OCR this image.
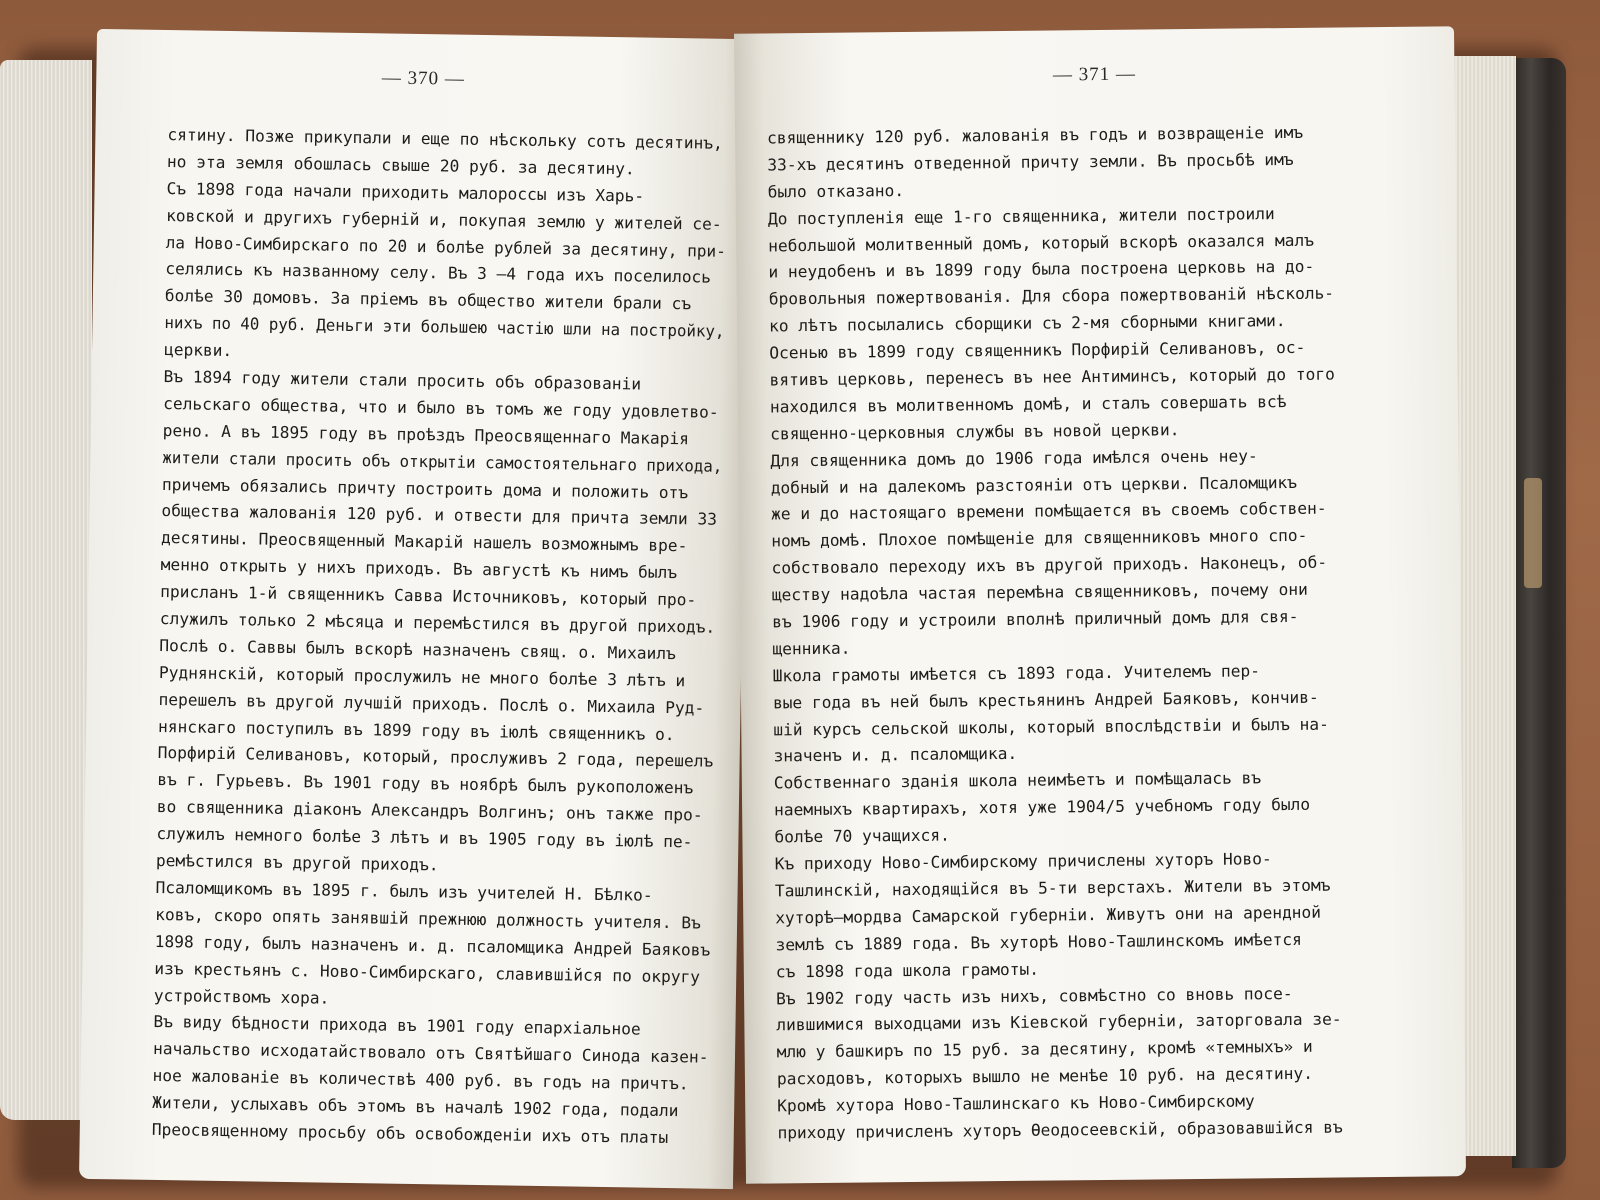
— 370 —
сятину. Позже прикупали и еще по нѣскольку сотъ десятинъ,
но эта земля обошлась свыше 20 руб. за десятину.
Съ 1898 года начали приходить малороссы изъ Харь-
ковской и другихъ губерній и, покупая землю у жителей се-
ла Ново-Симбирскаго по 20 и болѣе рублей за десятину, при-
селялись къ названному селу. Въ 3 —4 года ихъ поселилось
болѣе 30 домовъ. За пріемъ въ общество жители брали съ
нихъ по 40 руб. Деньги эти большею частію шли на постройку,
церкви.
Въ 1894 году жители стали просить объ образованіи
сельскаго общества, что и было въ томъ же году удовлетво-
рено. А въ 1895 году въ проѣздъ Преосвященнаго Макарія
жители стали просить объ открытіи самостоятельнаго прихода,
причемъ обязались причту построить дома и положить отъ
общества жалованія 120 руб. и отвести для причта земли 33
десятины. Преосвященный Макарій нашелъ возможнымъ вре-
менно открыть у нихъ приходъ. Въ августѣ къ нимъ былъ
присланъ 1-й священникъ Савва Источниковъ, который про-
служилъ только 2 мѣсяца и перемѣстился въ другой приходъ.
Послѣ о. Саввы былъ вскорѣ назначенъ свящ. о. Михаилъ
Руднянскій, который прослужилъ не много болѣе 3 лѣтъ и
перешелъ въ другой лучшій приходъ. Послѣ о. Михаила Руд-
нянскаго поступилъ въ 1899 году въ іюлѣ священникъ о.
Порфирій Селивановъ, который, прослуживъ 2 года, перешелъ
въ г. Гурьевъ. Въ 1901 году въ ноябрѣ былъ рукоположенъ
во священника діаконъ Александръ Волгинъ; онъ также про-
служилъ немного болѣе 3 лѣтъ и въ 1905 году въ іюлѣ пе-
ремѣстился въ другой приходъ.
Псаломщикомъ въ 1895 г. былъ изъ учителей Н. Бѣлко-
ковъ, скоро опять занявшій прежнюю должность учителя. Въ
1898 году, былъ назначенъ и. д. псаломщика Андрей Баяковъ
изъ крестьянъ с. Ново-Симбирскаго, славившійся по округу
устройствомъ хора.
Въ виду бѣдности прихода въ 1901 году епархіальное
начальство исходатайствовало отъ Святѣйшаго Синода казен-
ное жалованіе въ количествѣ 400 руб. въ годъ на причтъ.
Жители, услыхавъ объ этомъ въ началѣ 1902 года, подали
Преосвященному просьбу объ освобожденіи ихъ отъ платы
— 371 —
священнику 120 руб. жалованія въ годъ и возвращеніе имъ
33-хъ десятинъ отведенной причту земли. Въ просьбѣ имъ
было отказано.
До поступленія еще 1-го священника, жители построили
небольшой молитвенный домъ, который вскорѣ оказался малъ
и неудобенъ и въ 1899 году была построена церковь на до-
бровольныя пожертвованія. Для сбора пожертвованій нѣсколь-
ко лѣтъ посылались сборщики съ 2-мя сборными книгами.
Осенью въ 1899 году священникъ Порфирій Селивановъ, ос-
вятивъ церковь, перенесъ въ нее Антиминсъ, который до того
находился въ молитвенномъ домѣ, и сталъ совершать всѣ
священно-церковныя службы въ новой церкви.
Для священника домъ до 1906 года имѣлся очень неу-
добный и на далекомъ разстояніи отъ церкви. Псаломщикъ
же и до настоящаго времени помѣщается въ своемъ собствен-
номъ домѣ. Плохое помѣщеніе для священниковъ много спо-
собствовало переходу ихъ въ другой приходъ. Наконецъ, об-
ществу надоѣла частая перемѣна священниковъ, почему они
въ 1906 году и устроили вполнѣ приличный домъ для свя-
щенника.
Школа грамоты имѣется съ 1893 года. Учителемъ пер-
вые года въ ней былъ крестьянинъ Андрей Баяковъ, кончив-
шій курсъ сельской школы, который впослѣдствіи и былъ на-
значенъ и. д. псаломщика.
Собственнаго зданія школа неимѣетъ и помѣщалась въ
наемныхъ квартирахъ, хотя уже 1904/5 учебномъ году было
болѣе 70 учащихся.
Къ приходу Ново-Симбирскому причислены хуторъ Ново-
Ташлинскій, находящійся въ 5-ти верстахъ. Жители въ этомъ
хуторѣ—мордва Самарской губерніи. Живутъ они на арендной
землѣ съ 1889 года. Въ хуторѣ Ново-Ташлинскомъ имѣется
съ 1898 года школа грамоты.
Въ 1902 году часть изъ нихъ, совмѣстно со вновь посе-
лившимися выходцами изъ Кіевской губерніи, заторговала зе-
млю у башкиръ по 15 руб. за десятину, кромѣ «темныхъ» и
расходовъ, которыхъ вышло не менѣе 10 руб. на десятину.
Кромѣ хутора Ново-Ташлинскаго къ Ново-Симбирскому
приходу причисленъ хуторъ Ѳеодосеевскій, образовавшійся въ
